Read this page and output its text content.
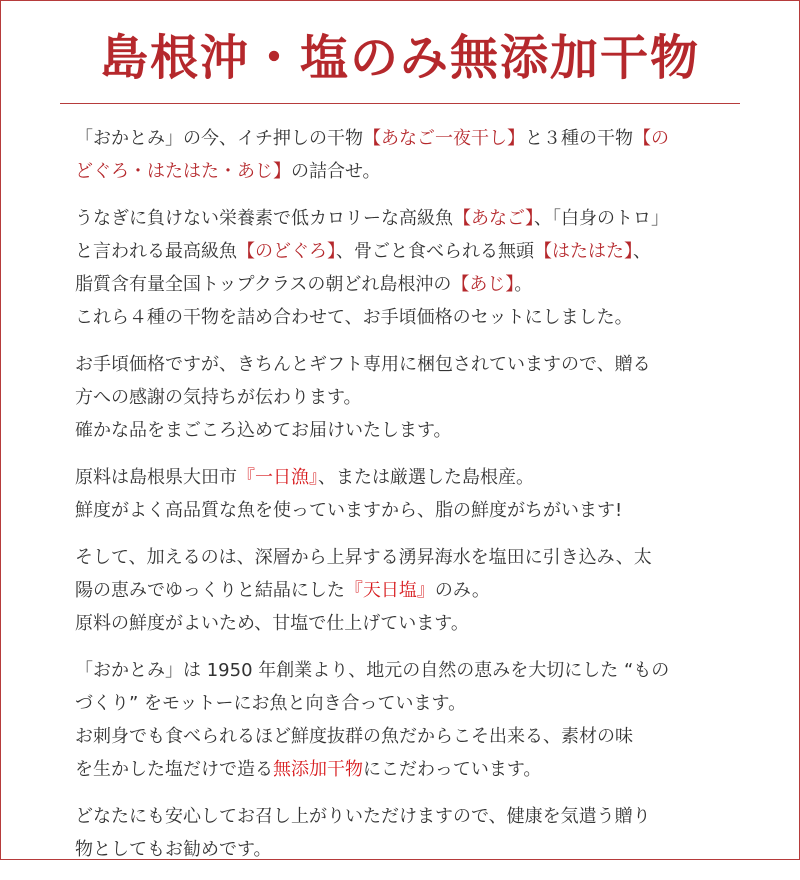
島根沖・塩のみ無添加干物
「おかとみ」の今、イチ押しの干物【あなご一夜干し】と３種の干物【の
どぐろ・はたはた・あじ】の詰合せ。
うなぎに負けない栄養素で低カロリーな高級魚【あなご】、「白身のトロ」
と言われる最高級魚【のどぐろ】、骨ごと食べられる無頭【はたはた】、
脂質含有量全国トップクラスの朝どれ島根沖の【あじ】。
これら４種の干物を詰め合わせて、お手頃価格のセットにしました。
お手頃価格ですが、きちんとギフト専用に梱包されていますので、贈る
方への感謝の気持ちが伝わります。
確かな品をまごころ込めてお届けいたします。
原料は島根県大田市『一日漁』、または厳選した島根産。
鮮度がよく高品質な魚を使っていますから、脂の鮮度がちがいます!
そして、加えるのは、深層から上昇する湧昇海水を塩田に引き込み、太
陽の恵みでゆっくりと結晶にした『天日塩』のみ。
原料の鮮度がよいため、甘塩で仕上げています。
「おかとみ」は 1950 年創業より、地元の自然の恵みを大切にした “もの
づくり” をモットーにお魚と向き合っています。
お刺身でも食べられるほど鮮度抜群の魚だからこそ出来る、素材の味
を生かした塩だけで造る無添加干物にこだわっています。
どなたにも安心してお召し上がりいただけますので、健康を気遣う贈り
物としてもお勧めです。
